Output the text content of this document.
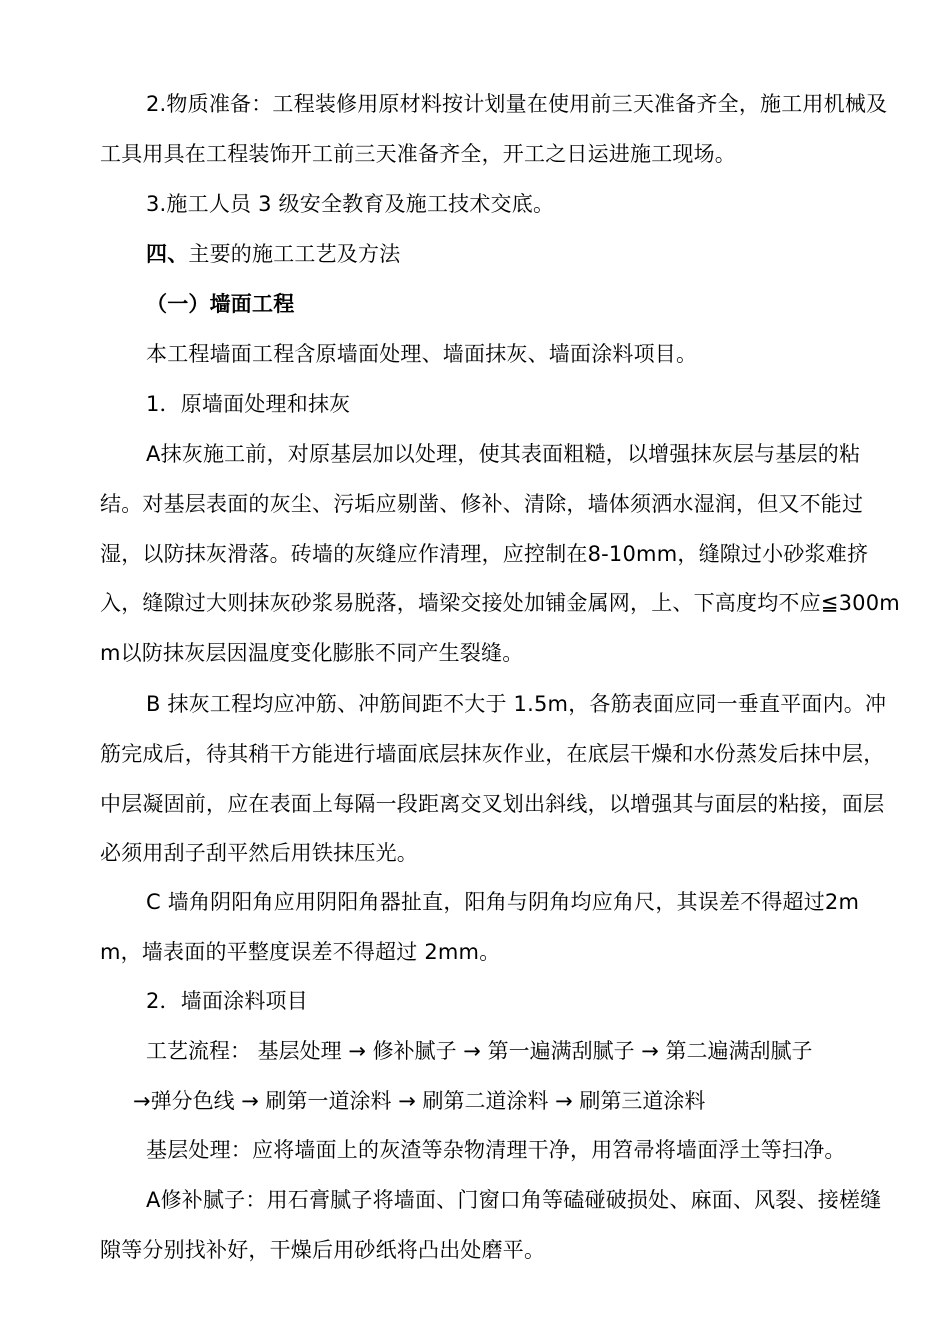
2.物质准备：工程装修用原材料按计划量在使用前三天准备齐全，施工用机械及工具用具在工程装饰开工前三天准备齐全，开工之日运进施工现场。

3.施工人员 3 级安全教育及施工技术交底。

四、主要的施工工艺及方法

（一）墙面工程

本工程墙面工程含原墙面处理、墙面抹灰、墙面涂料项目。

1．原墙面处理和抹灰

A抹灰施工前，对原基层加以处理，使其表面粗糙，以增强抹灰层与基层的粘结。对基层表面的灰尘、污垢应剔凿、修补、清除，墙体须洒水湿润，但又不能过湿，以防抹灰滑落。砖墙的灰缝应作清理，应控制在8-10mm，缝隙过小砂浆难挤入，缝隙过大则抹灰砂浆易脱落，墙梁交接处加铺金属网，上、下高度均不应≦300mm以防抹灰层因温度变化膨胀不同产生裂缝。

B 抹灰工程均应冲筋、冲筋间距不大于 1.5m，各筋表面应同一垂直平面内。冲筋完成后，待其稍干方能进行墙面底层抹灰作业，在底层干燥和水份蒸发后抹中层，中层凝固前，应在表面上每隔一段距离交叉划出斜线，以增强其与面层的粘接，面层必须用刮子刮平然后用铁抹压光。

C 墙角阴阳角应用阴阳角器扯直，阳角与阴角均应角尺，其误差不得超过2mm，墙表面的平整度误差不得超过 2mm。

2．墙面涂料项目

工艺流程： 基层处理 → 修补腻子 → 第一遍满刮腻子 → 第二遍满刮腻子

→弹分色线 → 刷第一道涂料 → 刷第二道涂料 → 刷第三道涂料

基层处理：应将墙面上的灰渣等杂物清理干净，用笤帚将墙面浮土等扫净。

A修补腻子：用石膏腻子将墙面、门窗口角等磕碰破损处、麻面、风裂、接槎缝隙等分别找补好，干燥后用砂纸将凸出处磨平。
